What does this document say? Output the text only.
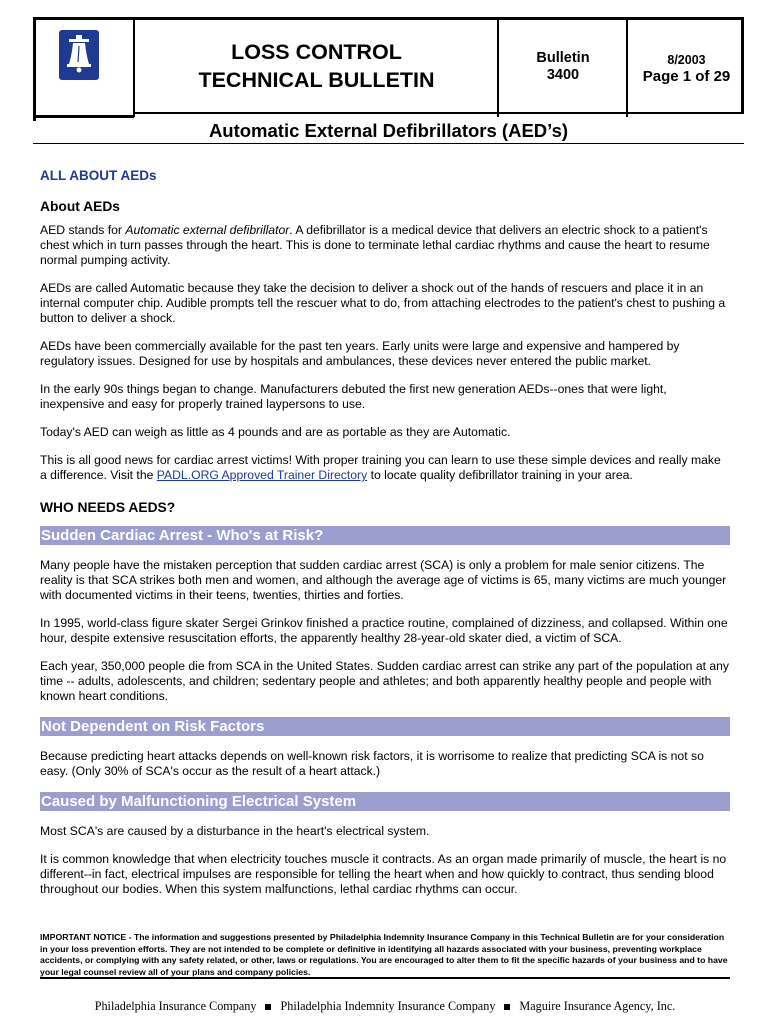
LOSS CONTROL
TECHNICAL BULLETIN
Bulletin
3400
8/2003
Page 1 of 29
Automatic External Defibrillators (AED’s)
ALL ABOUT AEDs
About AEDs

AED stands for Automatic external defibrillator. A defibrillator is a medical device that delivers an electric shock to a patient's chest which in turn passes through the heart. This is done to terminate lethal cardiac rhythms and cause the heart to resume normal pumping activity.

AEDs are called Automatic because they take the decision to deliver a shock out of the hands of rescuers and place it in an internal computer chip. Audible prompts tell the rescuer what to do, from attaching electrodes to the patient's chest to pushing a button to deliver a shock.

AEDs have been commercially available for the past ten years. Early units were large and expensive and hampered by regulatory issues. Designed for use by hospitals and ambulances, these devices never entered the public market.

In the early 90s things began to change. Manufacturers debuted the first new generation AEDs--ones that were light, inexpensive and easy for properly trained laypersons to use.

Today's AED can weigh as little as 4 pounds and are as portable as they are Automatic.

This is all good news for cardiac arrest victims! With proper training you can learn to use these simple devices and really make a difference. Visit the PADL.ORG Approved Trainer Directory to locate quality defibrillator training in your area.

WHO NEEDS AEDS?
Sudden Cardiac Arrest - Who's at Risk?

Many people have the mistaken perception that sudden cardiac arrest (SCA) is only a problem for male senior citizens. The reality is that SCA strikes both men and women, and although the average age of victims is 65, many victims are much younger with documented victims in their teens, twenties, thirties and forties.

In 1995, world-class figure skater Sergei Grinkov finished a practice routine, complained of dizziness, and collapsed. Within one hour, despite extensive resuscitation efforts, the apparently healthy 28-year-old skater died, a victim of SCA.

Each year, 350,000 people die from SCA in the United States. Sudden cardiac arrest can strike any part of the population at any time -- adults, adolescents, and children; sedentary people and athletes; and both apparently healthy people and people with known heart conditions.

Not Dependent on Risk Factors

Because predicting heart attacks depends on well-known risk factors, it is worrisome to realize that predicting SCA is not so easy. (Only 30% of SCA's occur as the result of a heart attack.)

Caused by Malfunctioning Electrical System

Most SCA's are caused by a disturbance in the heart's electrical system.

It is common knowledge that when electricity touches muscle it contracts. As an organ made primarily of muscle, the heart is no different--in fact, electrical impulses are responsible for telling the heart when and how quickly to contract, thus sending blood throughout our bodies. When this system malfunctions, lethal cardiac rhythms can occur.

IMPORTANT NOTICE - The information and suggestions presented by Philadelphia Indemnity Insurance Company in this Technical Bulletin are for your consideration in your loss prevention efforts. They are not intended to be complete or definitive in identifying all hazards associated with your business, preventing workplace accidents, or complying with any safety related, or other, laws or regulations. You are encouraged to alter them to fit the specific hazards of your business and to have your legal counsel review all of your plans and company policies.
Philadelphia Insurance Company Philadelphia Indemnity Insurance Company Maguire Insurance Agency, Inc.
